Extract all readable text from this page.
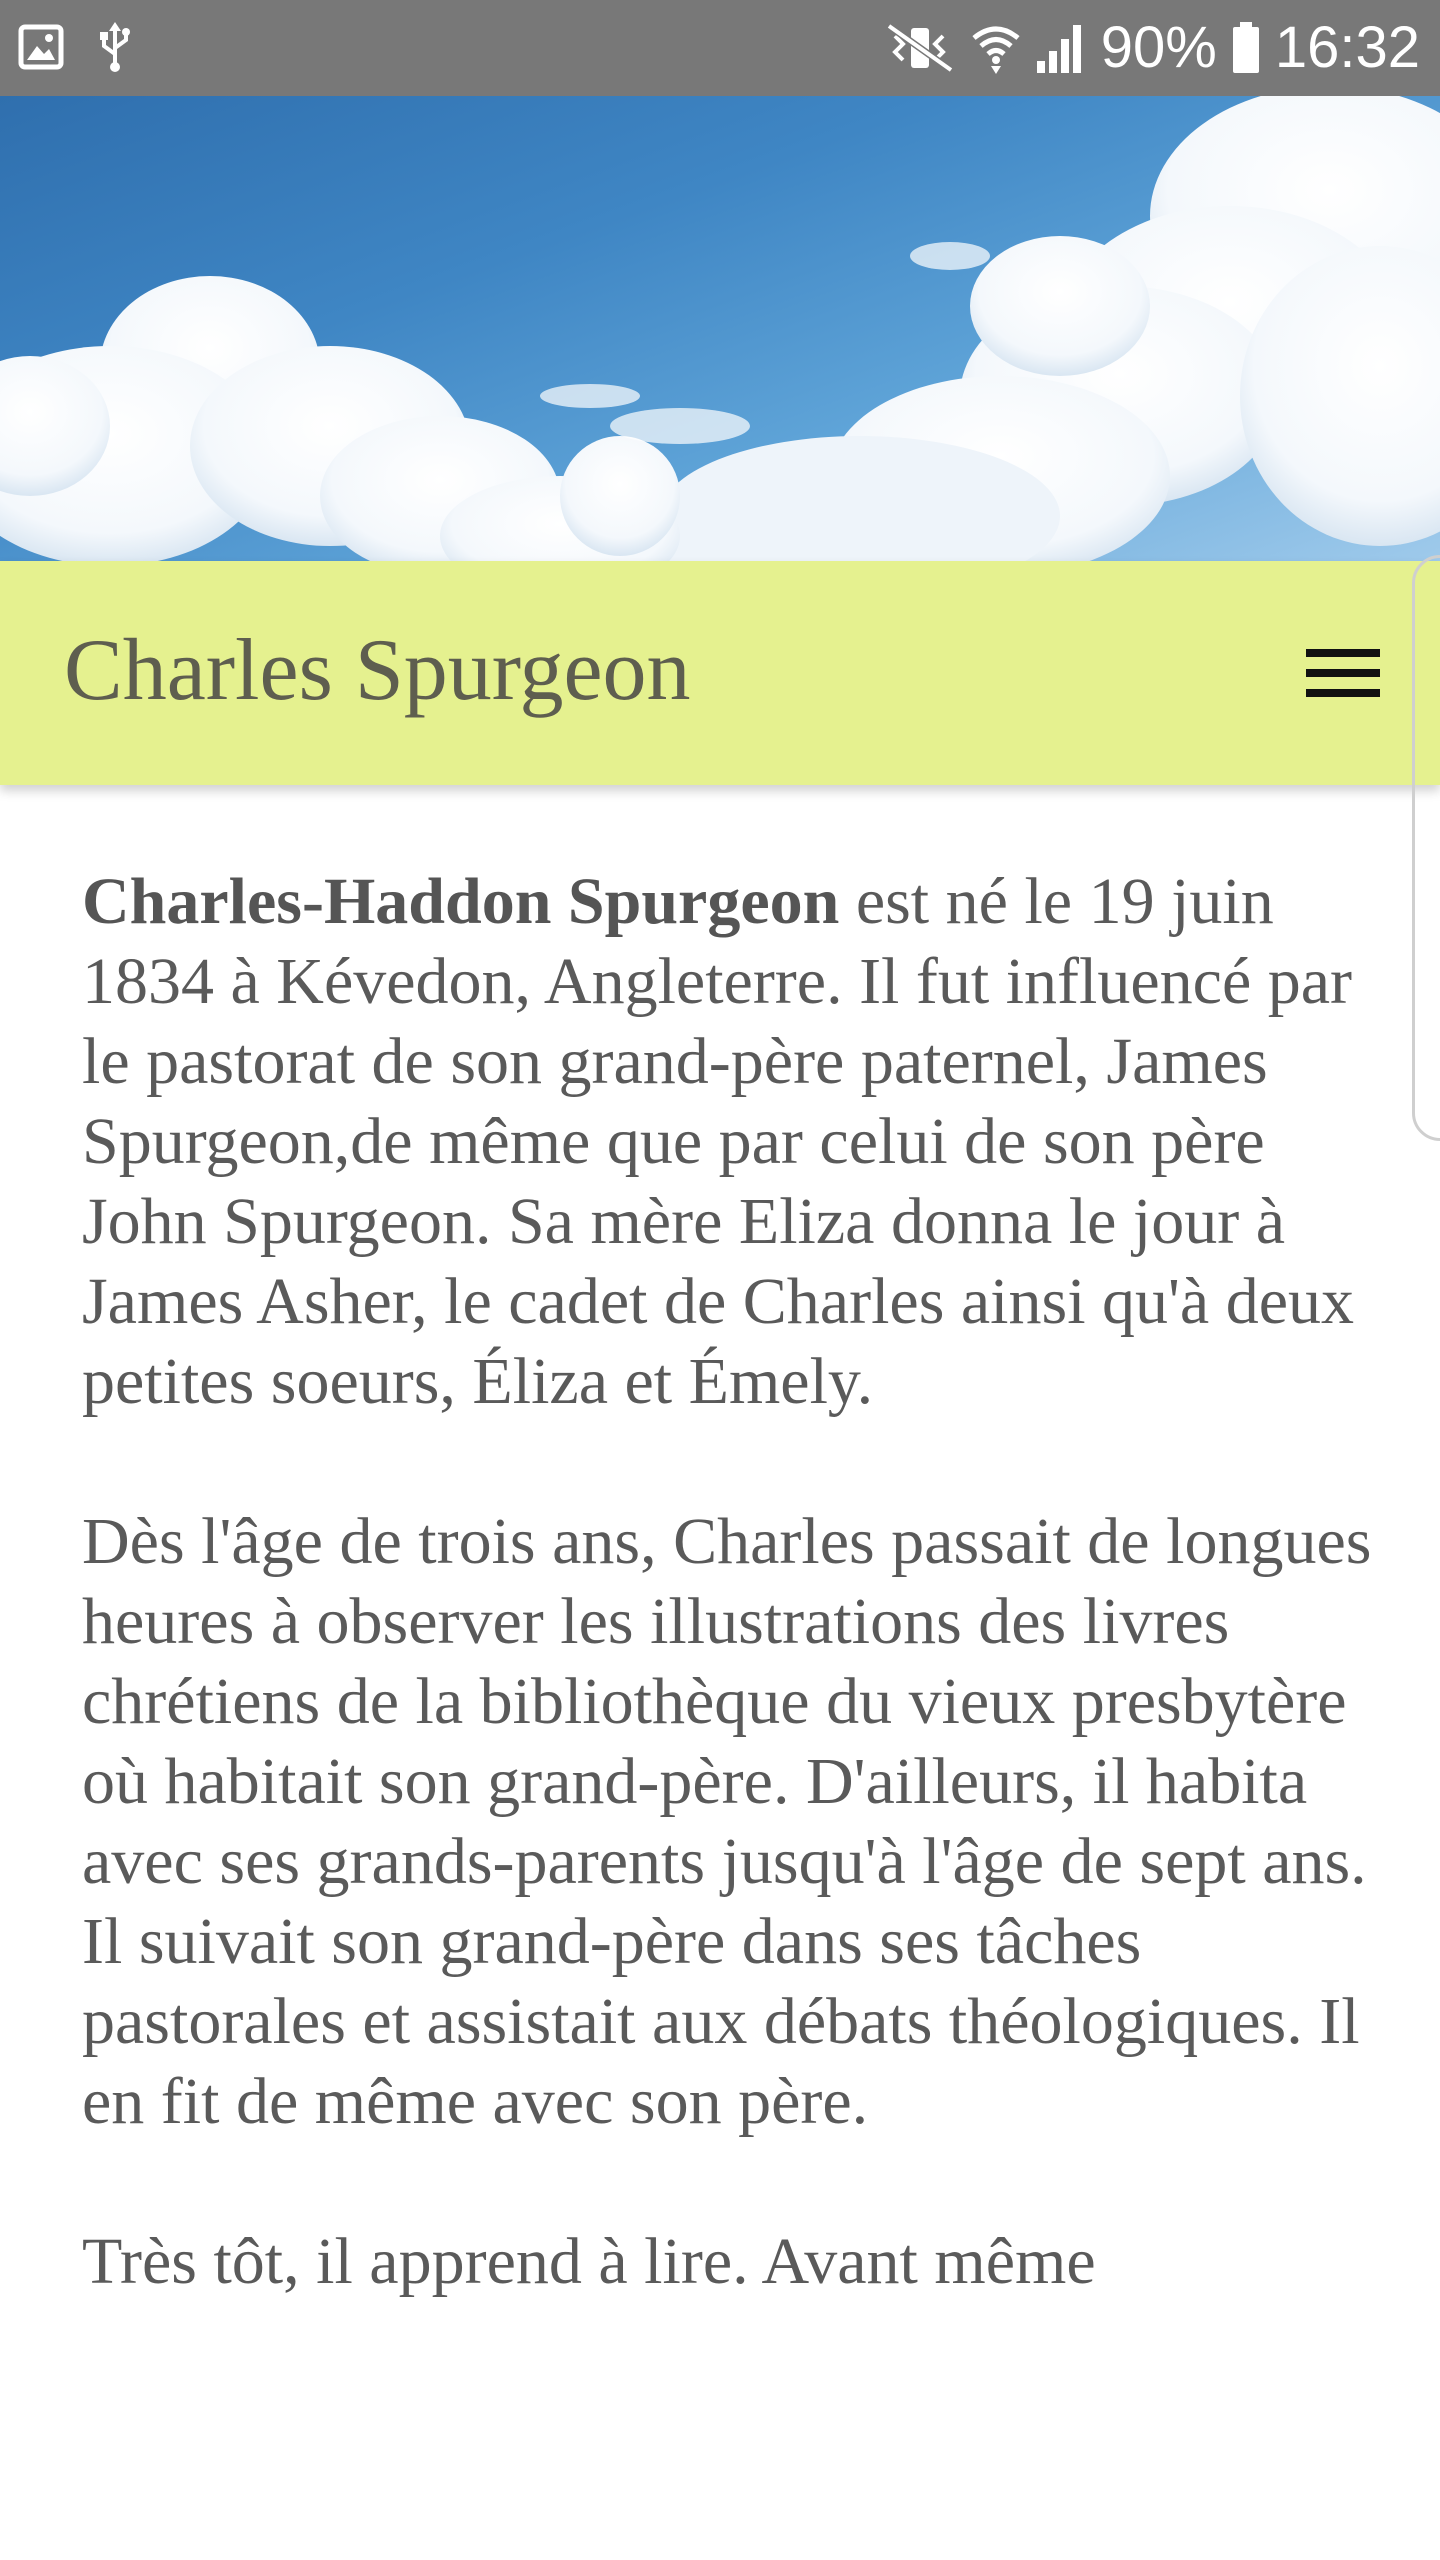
90% 16:32
Charles Spurgeon

Charles-Haddon Spurgeon est né le 19 juin 1834 à Kévedon, Angleterre. Il fut influencé par le pastorat de son grand-père paternel, James Spurgeon,de même que par celui de son père John Spurgeon. Sa mère Eliza donna le jour à James Asher, le cadet de Charles ainsi qu'à deux petites soeurs, Éliza et Émely.

Dès l'âge de trois ans, Charles passait de longues heures à observer les illustrations des livres chrétiens de la bibliothèque du vieux presbytère où habitait son grand-père. D'ailleurs, il habita avec ses grands-parents jusqu'à l'âge de sept ans. Il suivait son grand-père dans ses tâches pastorales et assistait aux débats théologiques. Il en fit de même avec son père.

Très tôt, il apprend à lire. Avant même
